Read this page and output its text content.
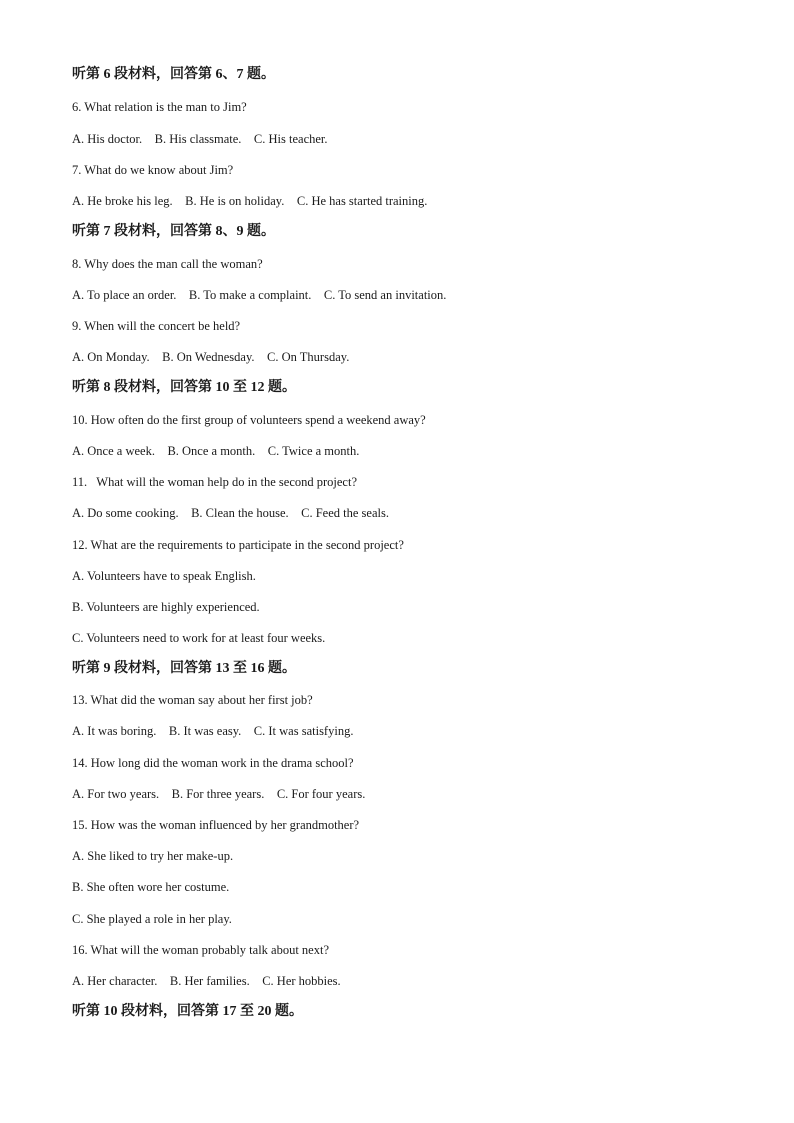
听第 6 段材料，回答第 6、7 题。
6. What relation is the man to Jim?
A. His doctor.    B. His classmate.    C. His teacher.
7. What do we know about Jim?
A. He broke his leg.    B. He is on holiday.    C. He has started training.
听第 7 段材料，回答第 8、9 题。
8. Why does the man call the woman?
A. To place an order.    B. To make a complaint.    C. To send an invitation.
9. When will the concert be held?
A. On Monday.    B. On Wednesday.    C. On Thursday.
听第 8 段材料，回答第 10 至 12 题。
10. How often do the first group of volunteers spend a weekend away?
A. Once a week.    B. Once a month.    C. Twice a month.
11.   What will the woman help do in the second project?
A. Do some cooking.    B. Clean the house.    C. Feed the seals.
12. What are the requirements to participate in the second project?
A. Volunteers have to speak English.
B. Volunteers are highly experienced.
C. Volunteers need to work for at least four weeks.
听第 9 段材料，回答第 13 至 16 题。
13. What did the woman say about her first job?
A. It was boring.    B. It was easy.    C. It was satisfying.
14. How long did the woman work in the drama school?
A. For two years.    B. For three years.    C. For four years.
15. How was the woman influenced by her grandmother?
A. She liked to try her make-up.
B. She often wore her costume.
C. She played a role in her play.
16. What will the woman probably talk about next?
A. Her character.    B. Her families.    C. Her hobbies.
听第 10 段材料，回答第 17 至 20 题。
